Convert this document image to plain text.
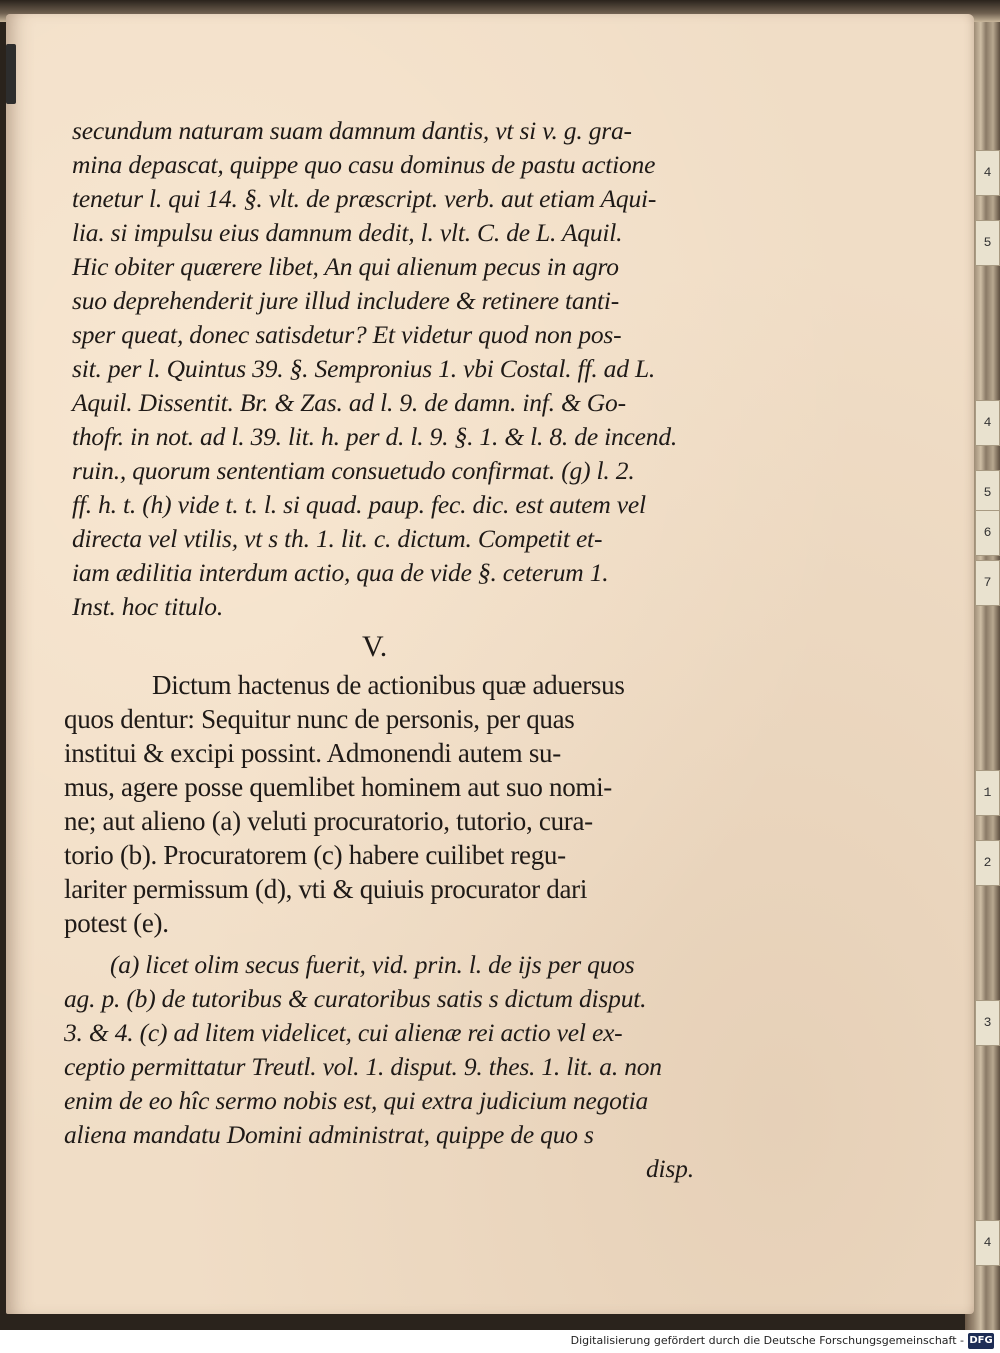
4
5
4
5
6
7
1
2
3
4
secundum naturam suam damnum dantis, vt si v. g. gra-
mina depascat, quippe quo casu dominus de pastu actione
tenetur l. qui 14. §. vlt. de præscript. verb. aut etiam Aqui-
lia. si impulsu eius damnum dedit, l. vlt. C. de L. Aquil.
Hic obiter quærere libet, An qui alienum pecus in agro
suo deprehenderit jure illud includere & retinere tanti-
sper queat, donec satisdetur? Et videtur quod non pos-
sit. per l. Quintus 39. §. Sempronius 1. vbi Costal. ff. ad L.
Aquil. Dissentit. Br. & Zas. ad l. 9. de damn. inf. & Go-
thofr. in not. ad l. 39. lit. h. per d. l. 9. §. 1. & l. 8. de incend.
ruin., quorum sententiam consuetudo confirmat. (g) l. 2.
ff. h. t. (h) vide t. t. l. si quad. paup. fec. dic. est autem vel
directa vel vtilis, vt s th. 1. lit. c. dictum. Competit et-
iam ædilitia interdum actio, qua de vide §. ceterum 1.
Inst. hoc titulo.
V.
Dictum hactenus de actionibus quæ aduersus
quos dentur: Sequitur nunc de personis, per quas
institui & excipi possint. Admonendi autem su-
mus, agere posse quemlibet hominem aut suo nomi-
ne; aut alieno (a) veluti procuratorio, tutorio, cura-
torio (b). Procuratorem (c) habere cuilibet regu-
lariter permissum (d), vti & quiuis procurator dari
potest (e).
(a) licet olim secus fuerit, vid. prin. l. de ijs per quos
ag. p. (b) de tutoribus & curatoribus satis s dictum disput.
3. & 4. (c) ad litem videlicet, cui alienæ rei actio vel ex-
ceptio permittatur Treutl. vol. 1. disput. 9. thes. 1. lit. a. non
enim de eo hîc sermo nobis est, qui extra judicium negotia
aliena mandatu Domini administrat, quippe de quo s
disp.
Digitalisierung gefördert durch die Deutsche Forschungsgemeinschaft - DFG
